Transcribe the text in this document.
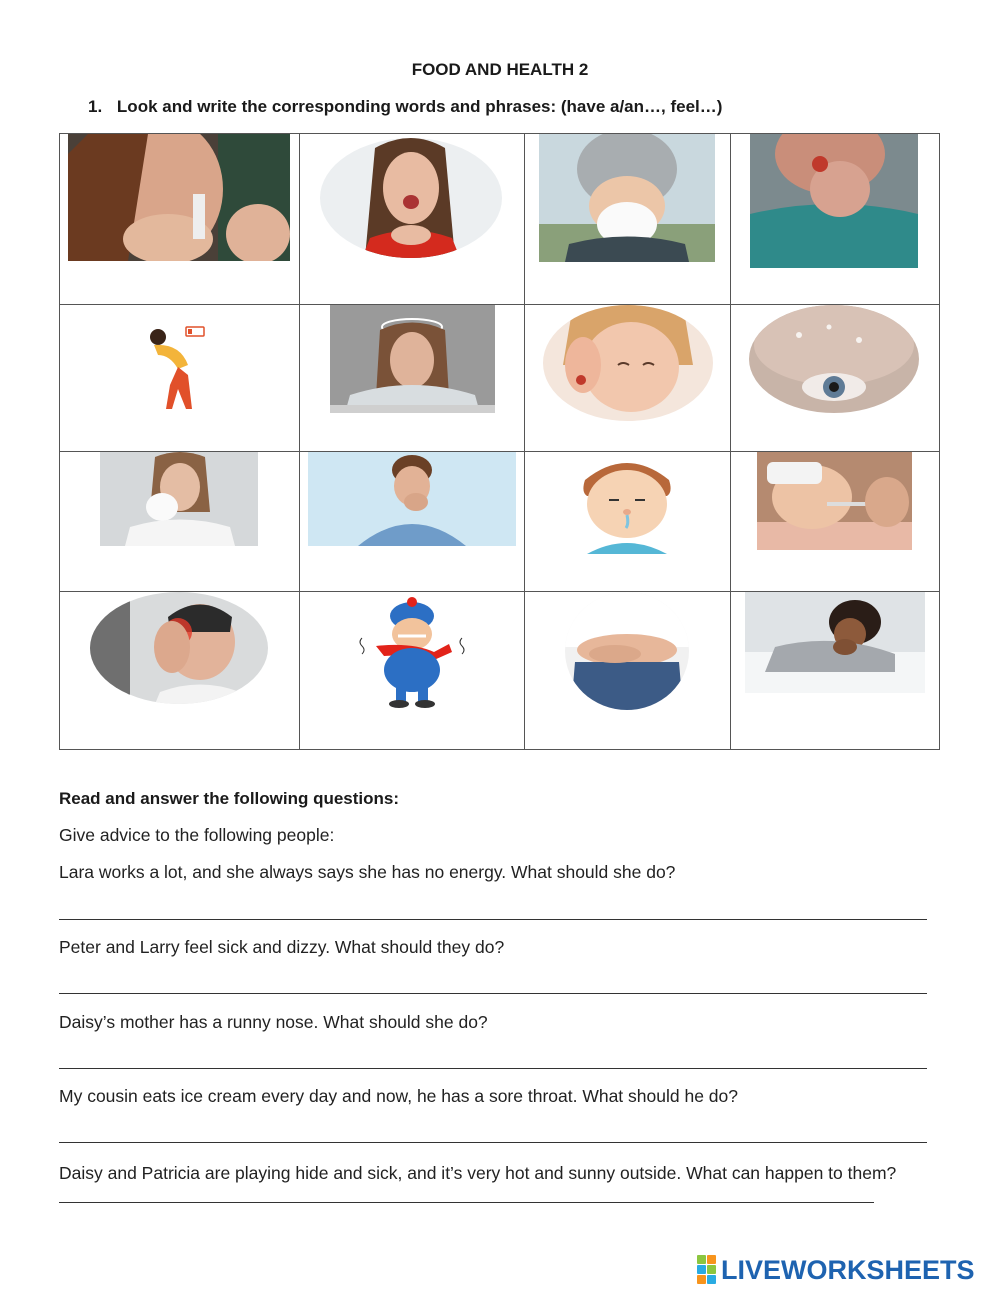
FOOD AND HEALTH 2
1. Look and write the corresponding words and phrases: (have a/an…, feel…)

Read and answer the following questions:
Give advice to the following people:
Lara works a lot, and she always says she has no energy. What should she do?
Peter and Larry feel sick and dizzy. What should they do?
Daisy’s mother has a runny nose. What should she do?
My cousin eats ice cream every day and now, he has a sore throat. What should he do?
Daisy and Patricia are playing hide and sick, and it’s very hot and sunny outside. What can happen to them?
LIVEWORKSHEETS
